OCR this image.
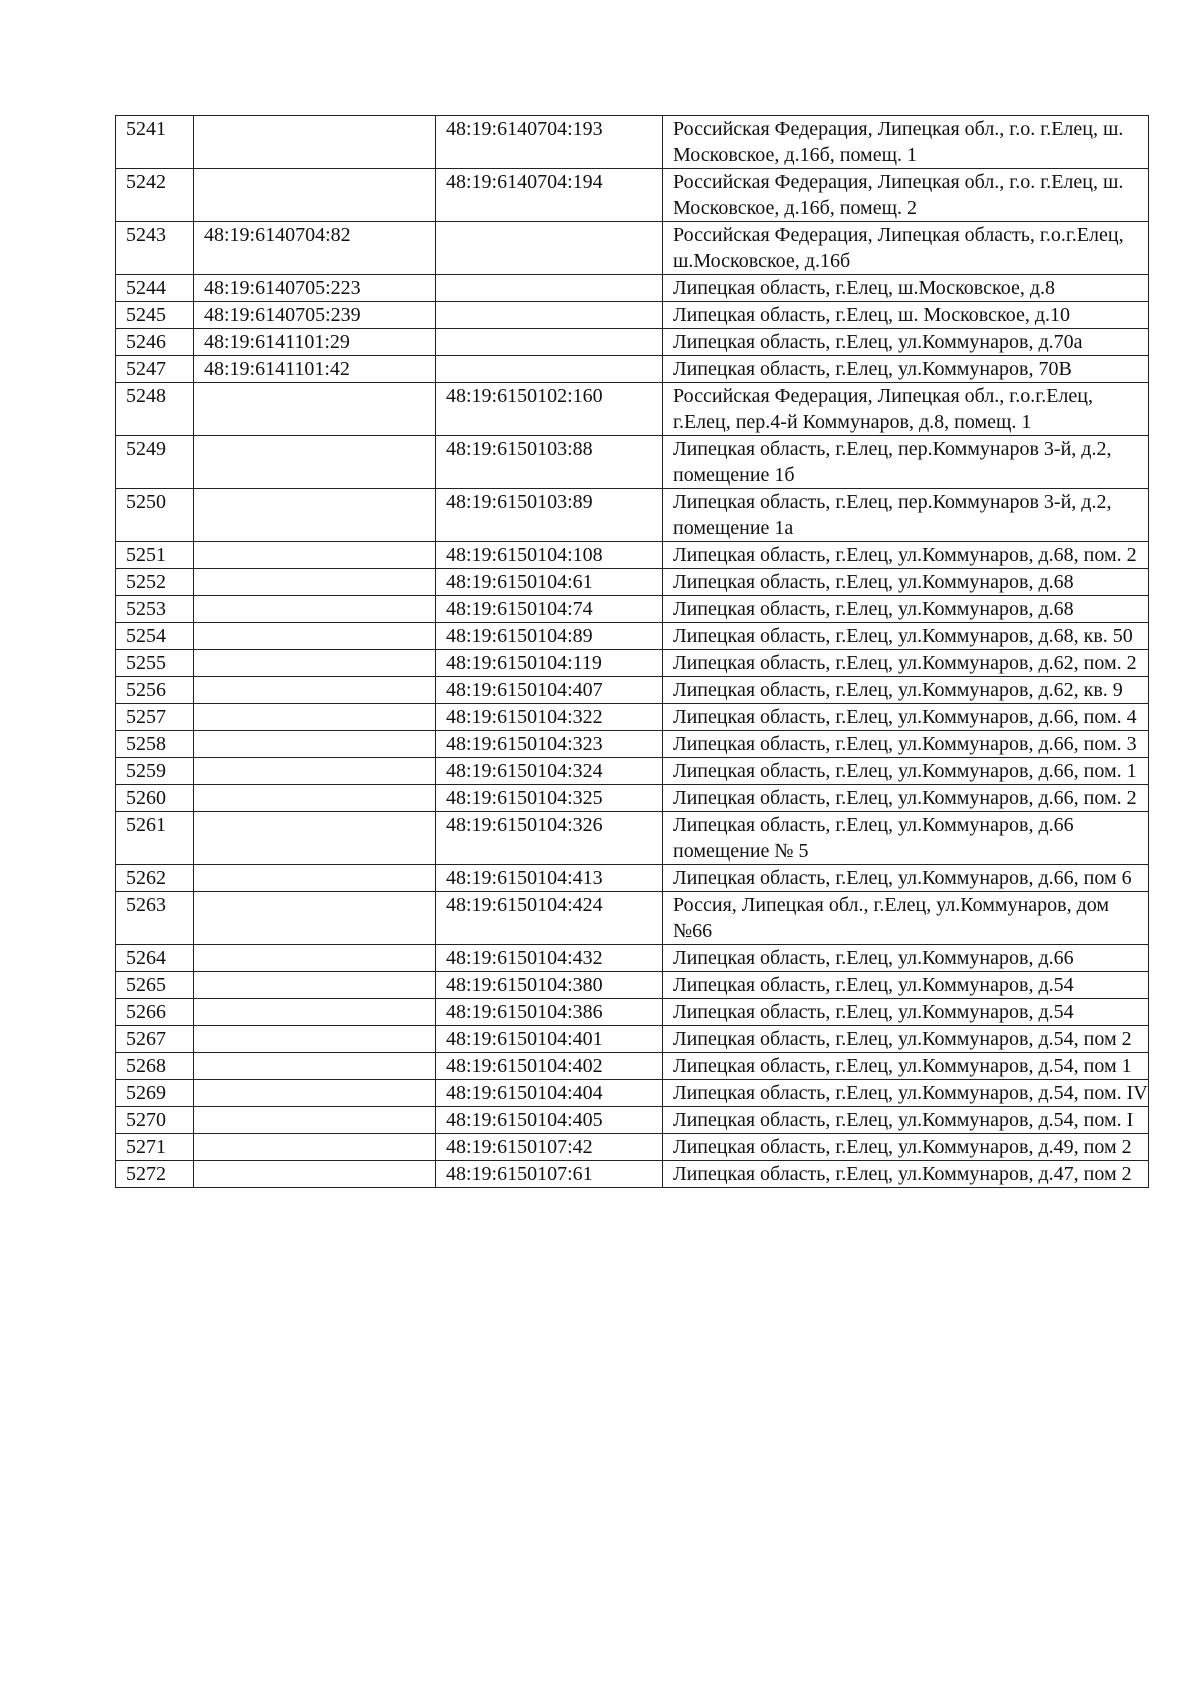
5241		48:19:6140704:193	Российская Федерация, Липецкая обл., г.о. г.Елец, ш. Московское, д.16б, помещ. 1
5242		48:19:6140704:194	Российская Федерация, Липецкая обл., г.о. г.Елец, ш. Московское, д.16б, помещ. 2
5243	48:19:6140704:82		Российская Федерация, Липецкая область, г.о.г.Елец, ш.Московское, д.16б
5244	48:19:6140705:223		Липецкая область, г.Елец, ш.Московское, д.8
5245	48:19:6140705:239		Липецкая область, г.Елец, ш. Московское, д.10
5246	48:19:6141101:29		Липецкая область, г.Елец, ул.Коммунаров, д.70а
5247	48:19:6141101:42		Липецкая область, г.Елец, ул.Коммунаров, 70В
5248		48:19:6150102:160	Российская Федерация, Липецкая обл., г.о.г.Елец, г.Елец, пер.4-й Коммунаров, д.8, помещ. 1
5249		48:19:6150103:88	Липецкая область, г.Елец, пер.Коммунаров 3-й, д.2, помещение 1б
5250		48:19:6150103:89	Липецкая область, г.Елец, пер.Коммунаров 3-й, д.2, помещение 1а
5251		48:19:6150104:108	Липецкая область, г.Елец, ул.Коммунаров, д.68, пом. 2
5252		48:19:6150104:61	Липецкая область, г.Елец, ул.Коммунаров, д.68
5253		48:19:6150104:74	Липецкая область, г.Елец, ул.Коммунаров, д.68
5254		48:19:6150104:89	Липецкая область, г.Елец, ул.Коммунаров, д.68, кв. 50
5255		48:19:6150104:119	Липецкая область, г.Елец, ул.Коммунаров, д.62, пом. 2
5256		48:19:6150104:407	Липецкая область, г.Елец, ул.Коммунаров, д.62, кв. 9
5257		48:19:6150104:322	Липецкая область, г.Елец, ул.Коммунаров, д.66, пом. 4
5258		48:19:6150104:323	Липецкая область, г.Елец, ул.Коммунаров, д.66, пом. 3
5259		48:19:6150104:324	Липецкая область, г.Елец, ул.Коммунаров, д.66, пом. 1
5260		48:19:6150104:325	Липецкая область, г.Елец, ул.Коммунаров, д.66, пом. 2
5261		48:19:6150104:326	Липецкая область, г.Елец, ул.Коммунаров, д.66 помещение № 5
5262		48:19:6150104:413	Липецкая область, г.Елец, ул.Коммунаров, д.66, пом 6
5263		48:19:6150104:424	Россия, Липецкая обл., г.Елец, ул.Коммунаров, дом №66
5264		48:19:6150104:432	Липецкая область, г.Елец, ул.Коммунаров, д.66
5265		48:19:6150104:380	Липецкая область, г.Елец, ул.Коммунаров, д.54
5266		48:19:6150104:386	Липецкая область, г.Елец, ул.Коммунаров, д.54
5267		48:19:6150104:401	Липецкая область, г.Елец, ул.Коммунаров, д.54, пом 2
5268		48:19:6150104:402	Липецкая область, г.Елец, ул.Коммунаров, д.54, пом 1
5269		48:19:6150104:404	Липецкая область, г.Елец, ул.Коммунаров, д.54, пом. IV
5270		48:19:6150104:405	Липецкая область, г.Елец, ул.Коммунаров, д.54, пом. I
5271		48:19:6150107:42	Липецкая область, г.Елец, ул.Коммунаров, д.49, пом 2
5272		48:19:6150107:61	Липецкая область, г.Елец, ул.Коммунаров, д.47, пом 2
